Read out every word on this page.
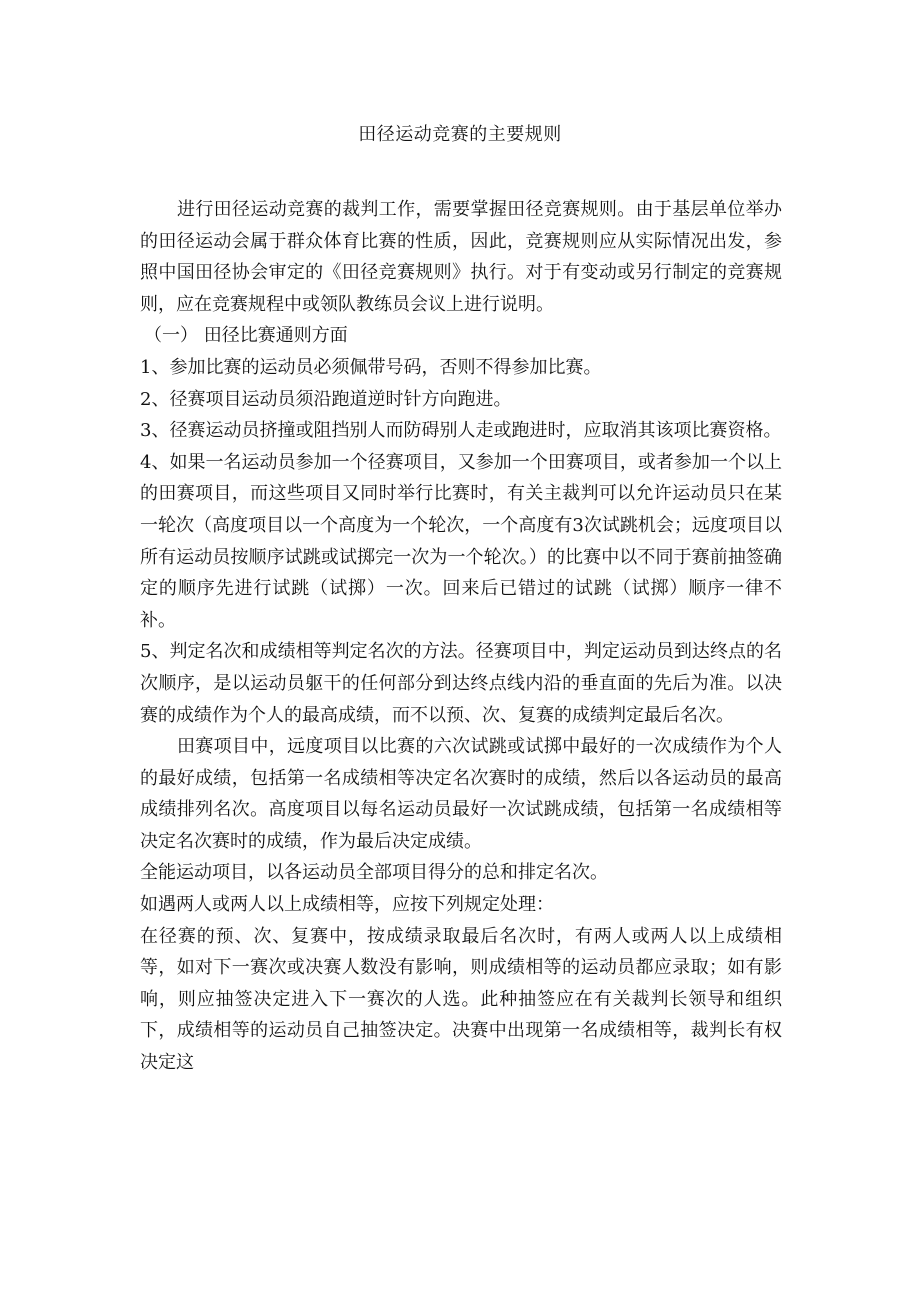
田径运动竞赛的主要规则

进行田径运动竞赛的裁判工作，需要掌握田径竞赛规则。由于基层单位举办的田径运动会属于群众体育比赛的性质，因此，竞赛规则应从实际情况出发，参照中国田径协会审定的《田径竞赛规则》执行。对于有变动或另行制定的竞赛规则，应在竞赛规程中或领队教练员会议上进行说明。

（一） 田径比赛通则方面

1、参加比赛的运动员必须佩带号码，否则不得参加比赛。

2、径赛项目运动员须沿跑道逆时针方向跑进。

3、径赛运动员挤撞或阻挡别人而防碍别人走或跑进时，应取消其该项比赛资格。

4、如果一名运动员参加一个径赛项目，又参加一个田赛项目，或者参加一个以上的田赛项目，而这些项目又同时举行比赛时，有关主裁判可以允许运动员只在某一轮次（高度项目以一个高度为一个轮次，一个高度有3次试跳机会；远度项目以所有运动员按顺序试跳或试掷完一次为一个轮次。）的比赛中以不同于赛前抽签确定的顺序先进行试跳（试掷）一次。回来后已错过的试跳（试掷）顺序一律不补。

5、判定名次和成绩相等判定名次的方法。径赛项目中，判定运动员到达终点的名次顺序，是以运动员躯干的任何部分到达终点线内沿的垂直面的先后为准。以决赛的成绩作为个人的最高成绩，而不以预、次、复赛的成绩判定最后名次。

田赛项目中，远度项目以比赛的六次试跳或试掷中最好的一次成绩作为个人的最好成绩，包括第一名成绩相等决定名次赛时的成绩，然后以各运动员的最高成绩排列名次。高度项目以每名运动员最好一次试跳成绩，包括第一名成绩相等决定名次赛时的成绩，作为最后决定成绩。

全能运动项目，以各运动员全部项目得分的总和排定名次。

如遇两人或两人以上成绩相等，应按下列规定处理：

在径赛的预、次、复赛中，按成绩录取最后名次时，有两人或两人以上成绩相等，如对下一赛次或决赛人数没有影响，则成绩相等的运动员都应录取；如有影响，则应抽签决定进入下一赛次的人选。此种抽签应在有关裁判长领导和组织下，成绩相等的运动员自己抽签决定。决赛中出现第一名成绩相等，裁判长有权决定这
